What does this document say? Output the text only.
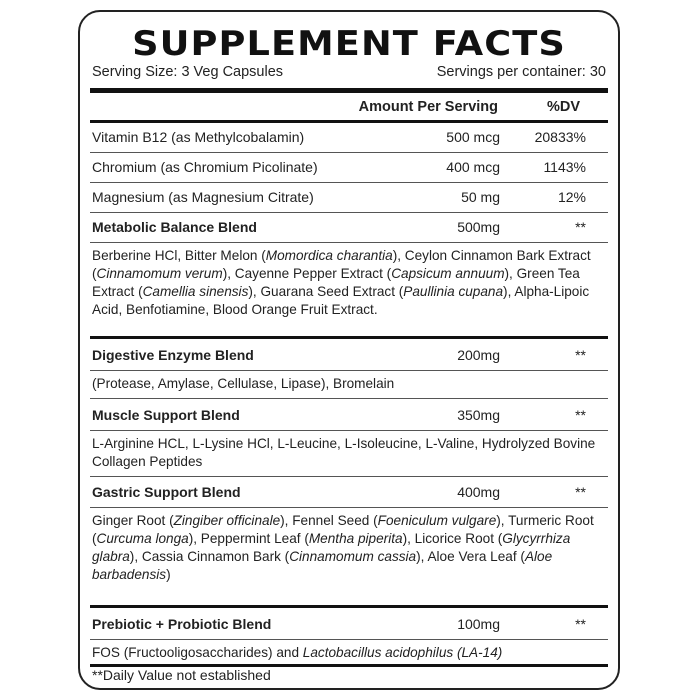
SUPPLEMENT FACTS
Serving Size: 3 Veg Capsules	Servings per container: 30
Amount Per Serving	%DV
Vitamin B12 (as Methylcobalamin)	500 mcg 20833%
Chromium (as Chromium Picolinate)	400 mcg	1143%
Magnesium (as Magnesium Citrate)	50 mg	12%
Metabolic Balance Blend	500mg	**
Berberine HCl, Bitter Melon (Momordica charantia), Ceylon Cinnamon Bark Extract (Cinnamomum verum), Cayenne Pepper Extract (Capsicum annuum), Green Tea Extract (Camellia sinensis), Guarana Seed Extract (Paullinia cupana), Alpha-Lipoic Acid, Benfotiamine, Blood Orange Fruit Extract.
Digestive Enzyme Blend	200mg	**
(Protease, Amylase, Cellulase, Lipase), Bromelain
Muscle Support Blend	350mg	**
L-Arginine HCL, L-Lysine HCl, L-Leucine, L-Isoleucine, L-Valine, Hydrolyzed Bovine Collagen Peptides
Gastric Support Blend	400mg	**
Ginger Root (Zingiber officinale), Fennel Seed (Foeniculum vulgare), Turmeric Root (Curcuma longa), Peppermint Leaf (Mentha piperita), Licorice Root (Glycyrrhiza glabra), Cassia Cinnamon Bark (Cinnamomum cassia), Aloe Vera Leaf (Aloe barbadensis)
Prebiotic + Probiotic Blend	100mg	**
FOS (Fructooligosaccharides) and Lactobacillus acidophilus (LA-14)
**Daily Value not established
